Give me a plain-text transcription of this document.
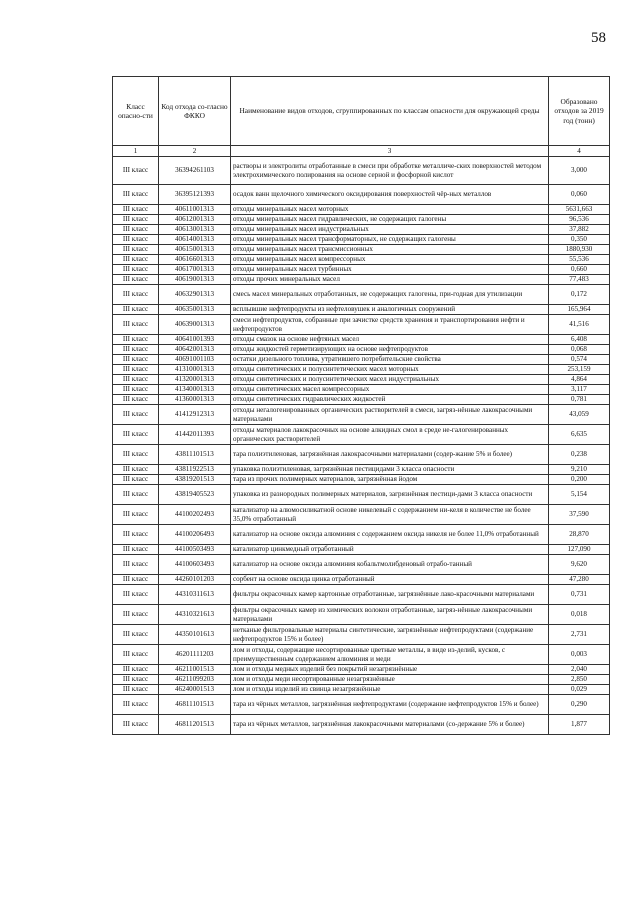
58
Класс опасно-сти	Код отхода со-гласно ФККО	Наименование видов отходов, сгруппированных по классам опасности для окружающей среды	Образовано отходов за 2019 год (тонн)
1	2	3	4
III класс	36394261103	растворы и электролиты отработанные в смеси при обработке металличе-ских поверхностей методом электрохимического полирования на основе серной и фосфорной кислот	3,000
III класс	36395121393	осадок ванн щелочного химического оксидирования поверхностей чёр-ных металлов	0,060
III класс	40611001313	отходы минеральных масел моторных	5631,663
III класс	40612001313	отходы минеральных масел гидравлических, не содержащих галогены	96,536
III класс	40613001313	отходы минеральных масел индустриальных	37,882
III класс	40614001313	отходы минеральных масел трансформаторных, не содержащих галогены	0,350
III класс	40615001313	отходы минеральных масел трансмиссионных	1880,930
III класс	40616601313	отходы минеральных масел компрессорных	55,536
III класс	40617001313	отходы минеральных масел турбинных	0,660
III класс	40619001313	отходы прочих минеральных масел	77,483
III класс	40632901313	смесь масел минеральных отработанных, не содержащих галогены, при-годная для утилизации	0,172
III класс	40635001313	всплывшие нефтепродукты из нефтеловушек и аналогичных сооружений	165,964
III класс	40639001313	смеси нефтепродуктов, собранные при зачистке средств хранения и транспортирования нефти и нефтепродуктов	41,516
III класс	40641001393	отходы смазок на основе нефтяных масел	6,408
III класс	40642001313	отходы жидкостей герметизирующих на основе нефтепродуктов	0,068
III класс	40691001103	остатки дизельного топлива, утратившего потребительские свойства	0,574
III класс	41310001313	отходы синтетических и полусинтетических масел моторных	253,159
III класс	41320001313	отходы синтетических и полусинтетических масел индустриальных	4,864
III класс	41340001313	отходы синтетических масел компрессорных	3,117
III класс	41360001313	отходы синтетических гидравлических жидкостей	0,781
III класс	41412912313	отходы негалогенированных органических растворителей в смеси, загряз-нённые лакокрасочными материалами	43,059
III класс	41442011393	отходы материалов лакокрасочных на основе алкидных смол в среде не-галогенированных органических растворителей	6,635
III класс	43811101513	тара полиэтиленовая, загрязнённая лакокрасочными материалами (содер-жание 5% и более)	0,238
III класс	43811922513	упаковка полиэтиленовая, загрязнённая пестицидами 3 класса опасности	9,210
III класс	43819201513	тара из прочих полимерных материалов, загрязнённая йодом	0,200
III класс	43819405523	упаковка из разнородных полимерных материалов, загрязнённая пестици-дами 3 класса опасности	5,154
III класс	44100202493	катализатор на алюмосиликатной основе никелевый с содержанием ни-келя в количестве не более 35,0% отработанный	37,590
III класс	44100206493	катализатор на основе оксида алюминия с содержанием оксида никеля не более 11,0% отработанный	28,870
III класс	44100503493	катализатор цинкмедный отработанный	127,090
III класс	44100603493	катализатор на основе оксида алюминия кобальтмолибденовый отрабо-танный	9,620
III класс	44260101203	сорбент на основе оксида цинка отработанный	47,280
III класс	44310311613	фильтры окрасочных камер картонные отработанные, загрязнённые лако-красочными материалами	0,731
III класс	44310321613	фильтры окрасочных камер из химических волокон отработанные, загряз-нённые лакокрасочными материалами	0,018
III класс	44350101613	нетканые фильтровальные материалы синтетические, загрязнённые нефтепродуктами (содержание нефтепродуктов 15% и более)	2,731
III класс	46201111203	лом и отходы, содержащие несортированные цветные металлы, в виде из-делий, кусков, с преимущественным содержанием алюминия и меди	0,003
III класс	46211001513	лом и отходы медных изделий без покрытий незагрязнённые	2,040
III класс	46211099203	лом и отходы меди несортированные незагрязнённые	2,850
III класс	46240001513	лом и отходы изделий из свинца незагрязнённые	0,029
III класс	46811101513	тара из чёрных металлов, загрязнённая нефтепродуктами (содержание нефтепродуктов 15% и более)	0,290
III класс	46811201513	тара из чёрных металлов, загрязнённая лакокрасочными материалами (со-держание 5% и более)	1,877
